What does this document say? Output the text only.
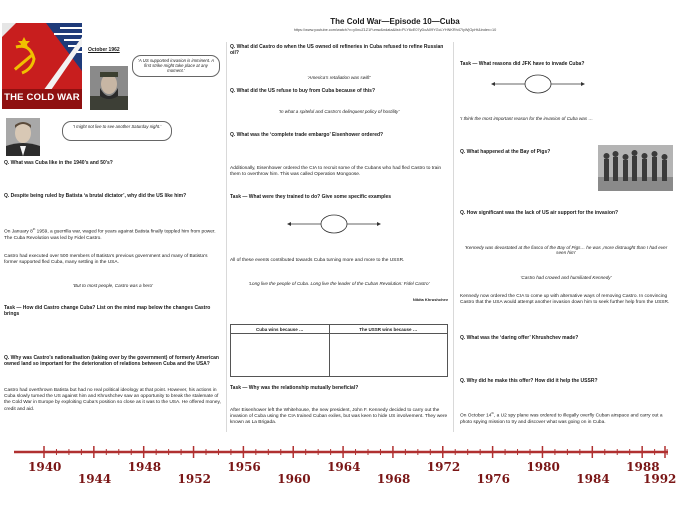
The Cold War—Episode 10—Cuba
https://www.youtube.com/watch?v=y0nuZ1Z1Fumw&ndata&list=PLY6cE07yDoA09YGcLYHNKRh47IyWjGpHt&index=10
THE COLD WAR
October 1962
‘A US supported invasion is imminent. A first strike might take place at any moment.’
‘I might not live to see another Saturday night.’
Q. What was Cuba like in the 1940’s and 50’s?
Q. Despite being ruled by Batista ‘a brutal dictator’, why did the US like him?
On January 8th 1959, a guerrilla war, waged for years against Batista finally toppled him from power. The Cuba Revolution was led by Fidel Castro.
Castro had executed over 500 members of Batista’s previous government and many of Batista’s former supported fled Cuba, many settling in the USA.
‘But to most people, Castro was a hero’
Task — How did Castro change Cuba? List on the mind map below the changes Castro brings
Q. Why was Castro’s nationalisation (taking over by the government) of formerly American owned land so important for the deterioration of relations between Cuba and the USA?
Castro had overthrown Batista but had no real political ideology at that point. However, his actions in Cuba slowly turned the US against him and Khrushchev saw an opportunity to break the stalemate of the Cold War in Europe by exploiting Cuba’s position so close as it was to the USA. He offered money, credit and aid.
Q. What did Castro do when the US owned oil refineries in Cuba refused to refine Russian oil?
‘America’s retaliation was swift’
Q. What did the US refuse to buy from Cuba because of this?
‘In what a spiteful and Castro’s delinquent policy of hostility’
Q. What was the ‘complete trade embargo’ Eisenhower ordered?
Additionally, Eisenhower ordered the CIA to recruit some of the Cubans who had fled Castro to train them to overthrow him. This was called Operation Mongoose.
Task — What were they trained to do? Give some specific examples
All of these events contributed towards Cuba turning more and more to the USSR.
‘Long live the people of Cuba. Long live the leader of the Cuban Revolution: Fidel Castro’
Nikita Khrushchev
Cuba wins because …	The USSR wins because …

Task — Why was the relationship mutually beneficial?
After Eisenhower left the Whitehouse, the new president, John F. Kennedy decided to carry out the invasion of Cuba using the CIA trained Cuban exiles, but was keen to hide US involvement. They were known as La Brigada.
Task — What reasons did JFK have to invade Cuba?
‘I think the most important reason for the invasion of Cuba was …
Q. What happened at the Bay of Pigs?
Q. How significant was the lack of US air support for the invasion?
‘Kennedy was devastated at the fiasco of the Bay of Pigs… he was ,more distraught than I had ever seen him’
‘Castro had crowed and humiliated Kennedy’
Kennedy now ordered the CIA to come up with alternative ways of removing Castro. In convincing Castro that the USA would attempt another invasion down him to seek further help from the USSR.
Q. What was the ‘daring offer’ Khrushchev made?
Q. Why did he make this offer? How did it help the USSR?
On October 14th, a U2 spy plane was ordered to illegally overfly Cuban airspace and carry out a photo spying mission to try and discover what was going on in Cuba.
1940
1944
1948
1952
1956
1960
1964
1968
1972
1976
1980
1984
1988
1992
